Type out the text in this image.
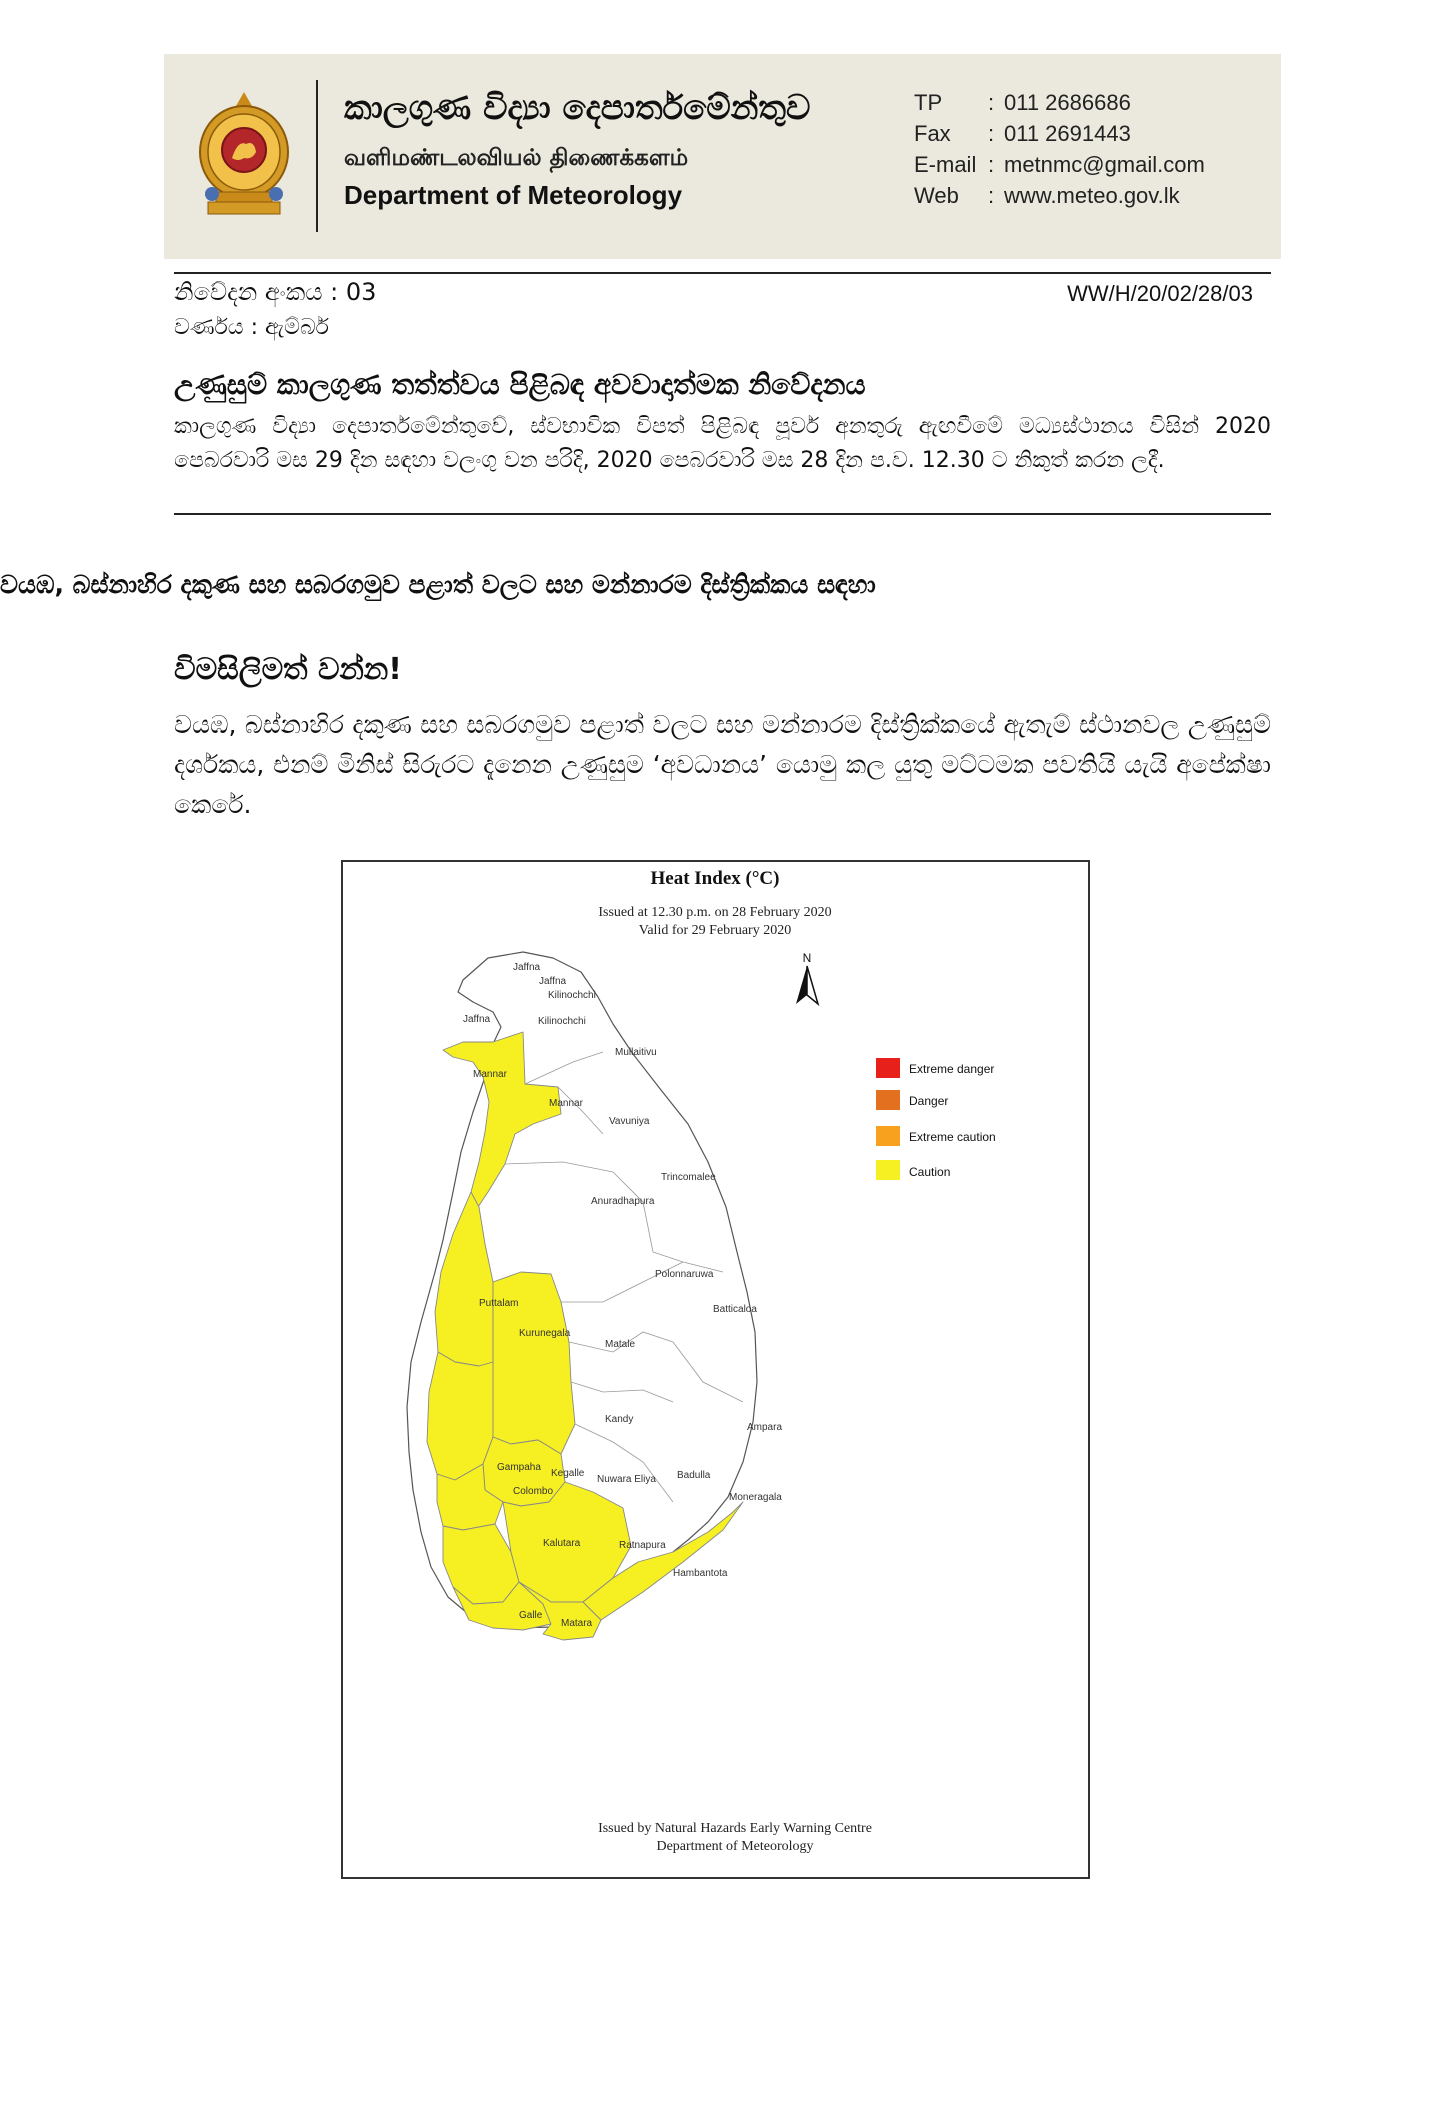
කාලගුණ විද්‍යා දෙපාර්තමේන්තුව
வளிமண்டலவியல் திணைக்களம்
Department of Meteorology
TP : 011 2686686
Fax : 011 2691443
E-mail : metnmc@gmail.com
Web : www.meteo.gov.lk
නිවේදන අංකය : 03	WW/H/20/02/28/03
වර්ණය : ඇම්බර්
උණුසුම් කාලගුණ තත්ත්වය පිළිබඳ අවවාදාත්මක නිවේදනය
කාලගුණ විද්‍යා දෙපාර්තමේන්තුවේ, ස්වභාවික විපත් පිළිබඳ පූර්ව අනතුරු ඇඟවීමේ මධ්‍යස්ථානය විසින් 2020 පෙබරවාරි මස 29 දින සඳහා වලංගු වන පරිදි, 2020 පෙබරවාරි මස 28 දින ප.ව. 12.30 ට නිකුත් කරන ලදී.
වයඹ, බස්නාහිර දකුණ සහ සබරගමුව පළාත් වලට සහ මන්නාරම දිස්ත්‍රික්කය සඳහා
විමසිලිමත් වන්න!
වයඹ, බස්නාහිර දකුණ සහ සබරගමුව පළාත් වලට සහ මන්නාරම දිස්ත්‍රික්කයේ ඇතැම් ස්ථානවල උණුසුම් දර්ශකය, එනම් මිනිස් සිරුරට දැනෙන උණුසුම ‘අවධානය’ යොමු කල යුතු මට්ටමක පවතියි යැයි අපේක්ෂා කෙරේ.
Heat Index (°C)
Issued at 12.30 p.m. on 28 February 2020
Valid for 29 February 2020
N
Jaffna
Jaffna
Kilinochchi
Jaffna	Kilinochchi
Mullaitivu
Mannar
Mannar
Vavuniya
Trincomalee
Anuradhapura
Polonnaruwa
Puttalam
Batticaloa
Kurunegala
Matale
Kandy
Ampara
Gampaha
Kegalle
Nuwara Eliya Badulla
Colombo
Moneragala
Kalutara	Ratnapura
Hambantota
Galle
Matara
Extreme danger
Danger
Extreme caution
Caution
Issued by Natural Hazards Early Warning Centre
Department of Meteorology
